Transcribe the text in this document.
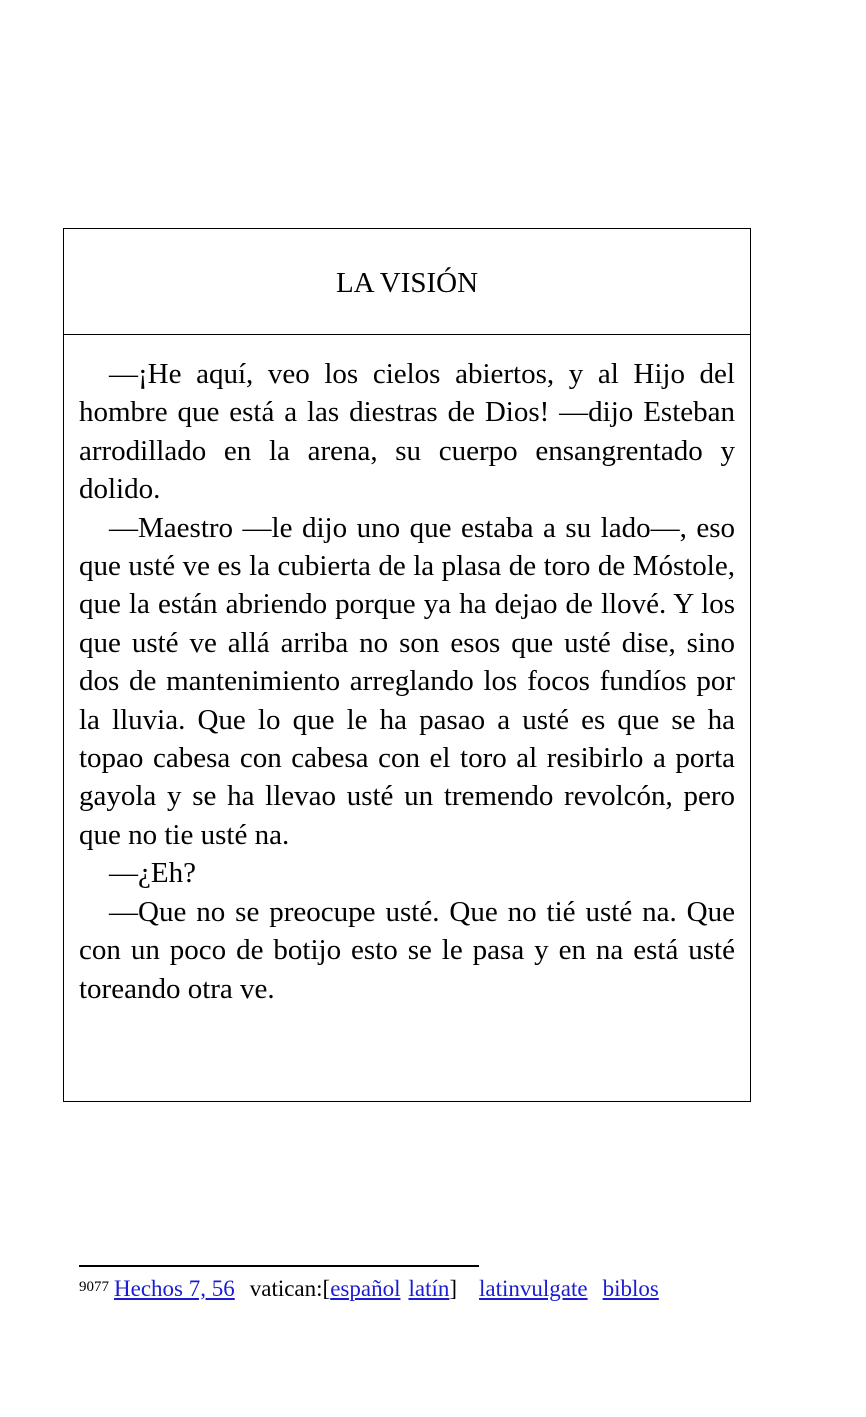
LA VISIÓN

—¡He aquí, veo los cielos abiertos, y al Hijo del hombre que está a las diestras de Dios! —dijo Esteban arrodillado en la arena, su cuerpo ensangrentado y dolido.

—Maestro —le dijo uno que estaba a su lado—, eso que usté ve es la cubierta de la plasa de toro de Móstole, que la están abriendo porque ya ha dejao de llové. Y los que usté ve allá arriba no son esos que usté dise, sino dos de mantenimiento arreglando los focos fundíos por la lluvia. Que lo que le ha pasao a usté es que se ha topao cabesa con cabesa con el toro al resibirlo a porta gayola y se ha llevao usté un tremendo revolcón, pero que no tie usté na.

—¿Eh?

—Que no se preocupe usté. Que no tié usté na. Que con un poco de botijo esto se le pasa y en na está usté toreando otra ve.

$^{9077}$ Hechos 7, 56 vatican:[español latín] latinvulgate biblos
